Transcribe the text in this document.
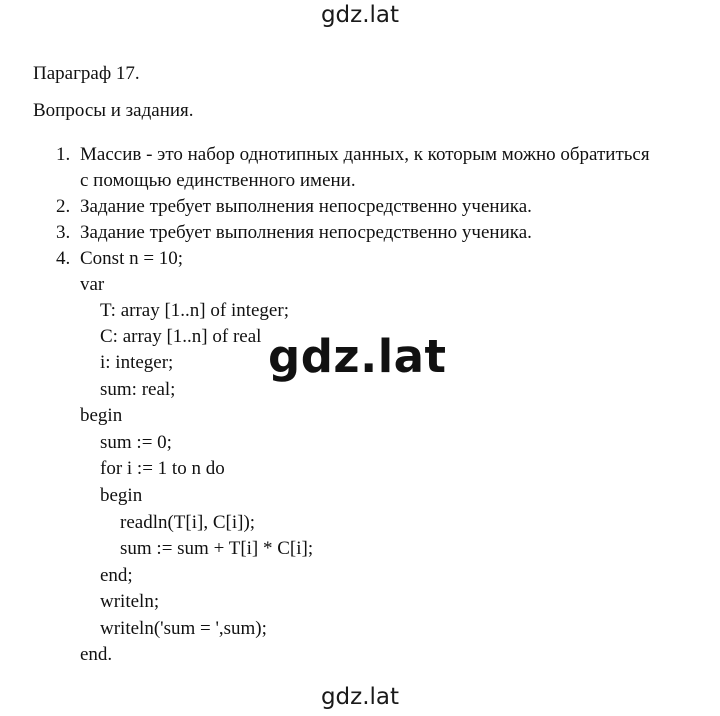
gdz.lat
Параграф 17.
Вопросы и задания.
1. Массив - это набор однотипных данных, к которым можно обратиться
с помощью единственного имени.
2. Задание требует выполнения непосредственно ученика.
3. Задание требует выполнения непосредственно ученика.
4. Const n = 10;
var
T: array [1..n] of integer;
C: array [1..n] of real
i: integer;
sum: real;
begin
sum := 0;
for i := 1 to n do
begin
readln(T[i], C[i]);
sum := sum + T[i] * C[i];
end;
writeln;
writeln('sum = ',sum);
end.
gdz.lat
gdz.lat
